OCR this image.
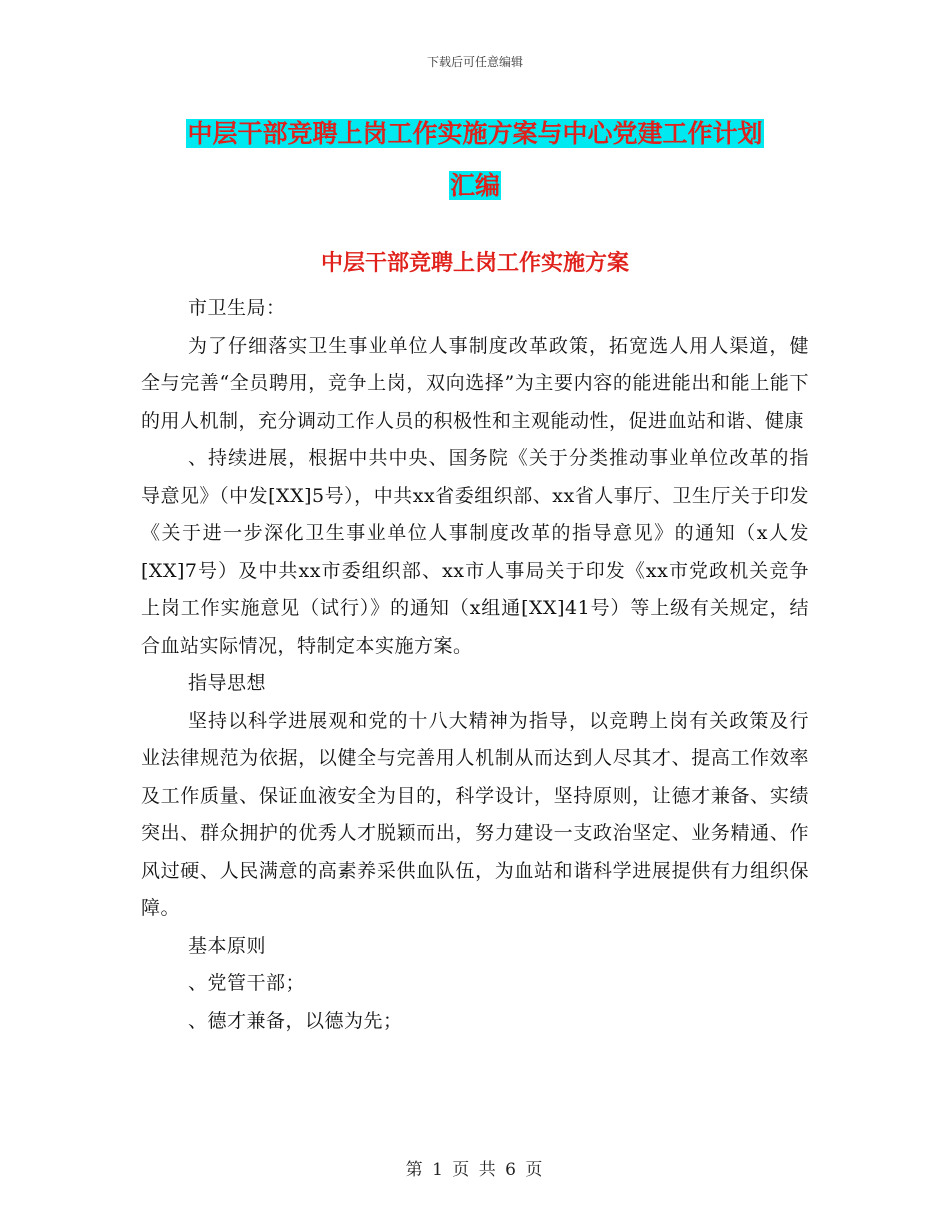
下载后可任意编辑
中层干部竞聘上岗工作实施方案与中心党建工作计划
汇编
中层干部竞聘上岗工作实施方案

市卫生局：

为了仔细落实卫生事业单位人事制度改革政策，拓宽选人用人渠道，健全与完善“全员聘用，竞争上岗，双向选择”为主要内容的能进能出和能上能下的用人机制，充分调动工作人员的积极性和主观能动性，促进血站和谐、健康

、持续进展，根据中共中央、国务院《关于分类推动事业单位改革的指导意见》（中发[XX]5号），中共xx省委组织部、xx省人事厅、卫生厅关于印发《关于进一步深化卫生事业单位人事制度改革的指导意见》的通知（x人发[XX]7号）及中共xx市委组织部、xx市人事局关于印发《xx市党政机关竞争上岗工作实施意见（试行）》的通知（x组通[XX]41号）等上级有关规定，结合血站实际情况，特制定本实施方案。

指导思想

坚持以科学进展观和党的十八大精神为指导，以竞聘上岗有关政策及行业法律规范为依据，以健全与完善用人机制从而达到人尽其才、提高工作效率及工作质量、保证血液安全为目的，科学设计，坚持原则，让德才兼备、实绩突出、群众拥护的优秀人才脱颖而出，努力建设一支政治坚定、业务精通、作风过硬、人民满意的高素养采供血队伍，为血站和谐科学进展提供有力组织保障。

基本原则

、党管干部；

、德才兼备，以德为先；

第 1 页 共 6 页
